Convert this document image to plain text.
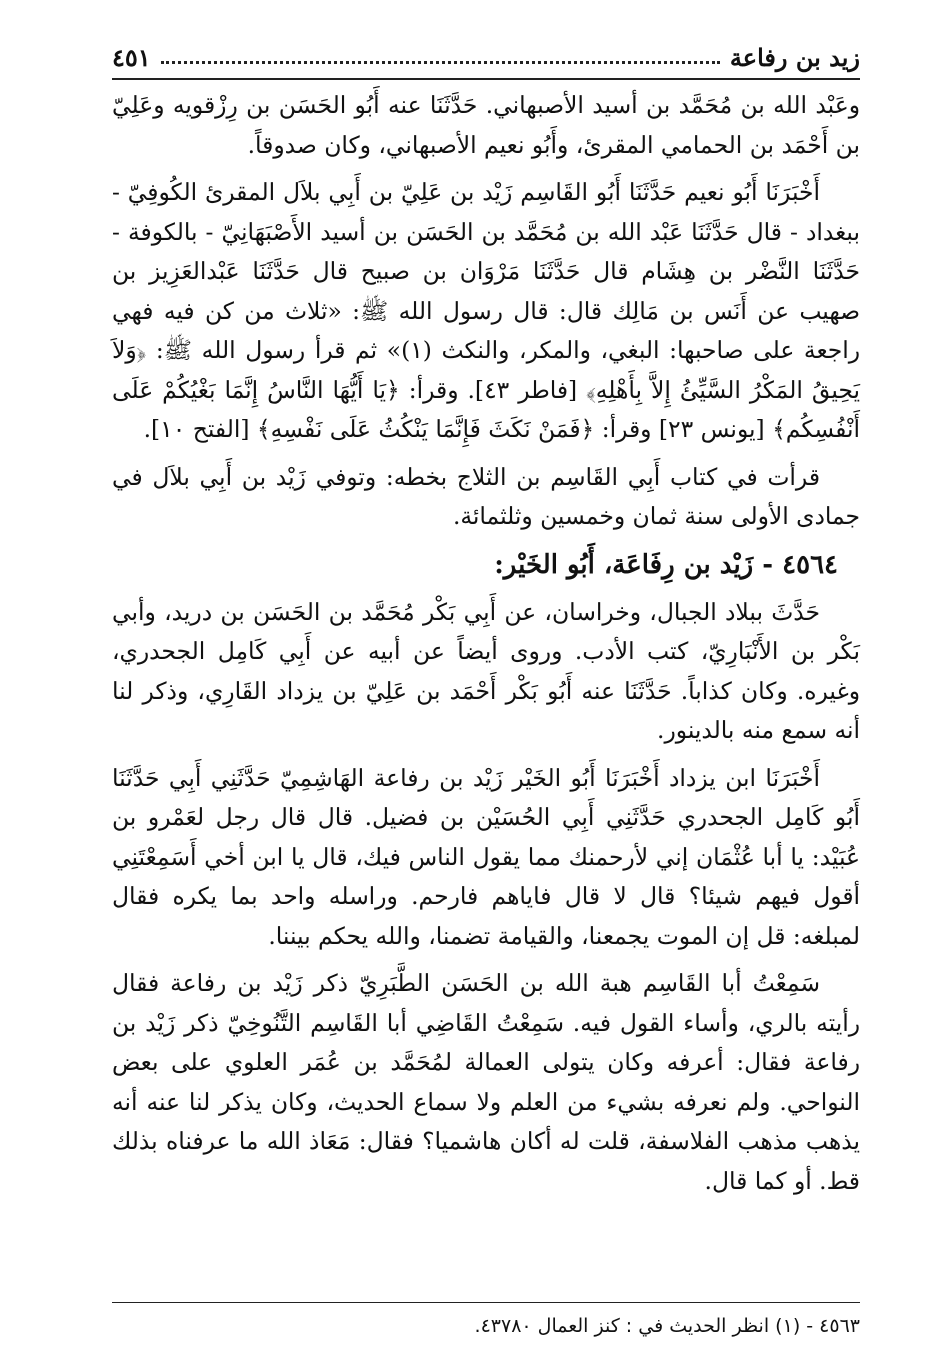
زيد بن رفاعة
٤٥١

وعَبْد الله بن مُحَمَّد بن أسيد الأصبهاني. حَدَّثَنَا عنه أَبُو الحَسَن بن رِزْقويه وعَلِيّ بن أَحْمَد بن الحمامي المقرئ، وأَبُو نعيم الأصبهاني، وكان صدوقاً.

أَخْبَرَنَا أَبُو نعيم حَدَّثَنَا أَبُو القَاسِم زَيْد بن عَلِيّ بن أَبِي بلاَل المقرئ الكُوفِيّ - ببغداد - قال حَدَّثَنَا عَبْد الله بن مُحَمَّد بن الحَسَن بن أسيد الأَصْبَهَانِيّ - بالكوفة - حَدَّثَنَا النَّضْر بن هِشَام قال حَدَّثَنَا مَرْوَان بن صبيح قال حَدَّثَنَا عَبْدالعَزِيز بن صهيب عن أَنَس بن مَالِك قال: قال رسول الله ﷺ: «ثلاث من كن فيه فهي راجعة على صاحبها: البغي، والمكر، والنكث (١)» ثم قرأ رسول الله ﷺ: ﴿وَلاَ يَحِيقُ المَكْرُ السَّيِّئُ إِلاَّ بِأَهْلِهِ﴾ [فاطر ٤٣]. وقرأ: ﴿يَا أَيُّهَا النَّاسُ إِنَّمَا بَغْيُكُمْ عَلَى أَنْفُسِكُم﴾ [يونس ٢٣] وقرأ: ﴿فَمَنْ نَكَثَ فَإِنَّمَا يَنْكُثُ عَلَى نَفْسِهِ﴾ [الفتح ١٠].

قرأت في كتاب أَبِي القَاسِم بن الثلاج بخطه: وتوفي زَيْد بن أَبِي بلاَل في جمادى الأولى سنة ثمان وخمسين وثلثمائة.

٤٥٦٤ - زَيْد بن رِفَاعَة، أَبُو الخَيْر:

حَدَّثَ ببلاد الجبال، وخراسان، عن أَبِي بَكْر مُحَمَّد بن الحَسَن بن دريد، وأبي بَكْر بن الأَنْبَارِيّ، كتب الأدب. وروى أيضاً عن أبيه عن أَبِي كَامِل الجحدري، وغيره. وكان كذاباً. حَدَّثَنَا عنه أَبُو بَكْر أَحْمَد بن عَلِيّ بن يزداد القَارِي، وذكر لنا أنه سمع منه بالدينور.

أَخْبَرَنَا ابن يزداد أَخْبَرَنَا أَبُو الخَيْر زَيْد بن رفاعة الهَاشِمِيّ حَدَّثَنِي أَبِي حَدَّثَنَا أَبُو كَامِل الجحدري حَدَّثَنِي أَبِي الحُسَيْن بن فضيل. قال قال رجل لعَمْرو بن عُبَيْد: يا أبا عُثْمَان إني لأرحمنك مما يقول الناس فيك، قال يا ابن أخي أَسَمِعْتَنِي أقول فيهم شيئا؟ قال لا قال فاياهم فارحم. وراسله واحد بما يكره فقال لمبلغه: قل إن الموت يجمعنا، والقيامة تضمنا، والله يحكم بيننا.

سَمِعْتُ أبا القَاسِم هبة الله بن الحَسَن الطَّبَرِيّ ذكر زَيْد بن رفاعة فقال رأيته بالري، وأساء القول فيه. سَمِعْتُ القَاضِي أبا القَاسِم التَّنُوخِيّ ذكر زَيْد بن رفاعة فقال: أعرفه وكان يتولى العمالة لمُحَمَّد بن عُمَر العلوي على بعض النواحي. ولم نعرفه بشيء من العلم ولا سماع الحديث، وكان يذكر لنا عنه أنه يذهب مذهب الفلاسفة، قلت له أكان هاشميا؟ فقال: مَعَاذ الله ما عرفناه بذلك قط. أو كما قال.

٤٥٦٣ - (١) انظر الحديث في : كنز العمال ٤٣٧٨٠.
